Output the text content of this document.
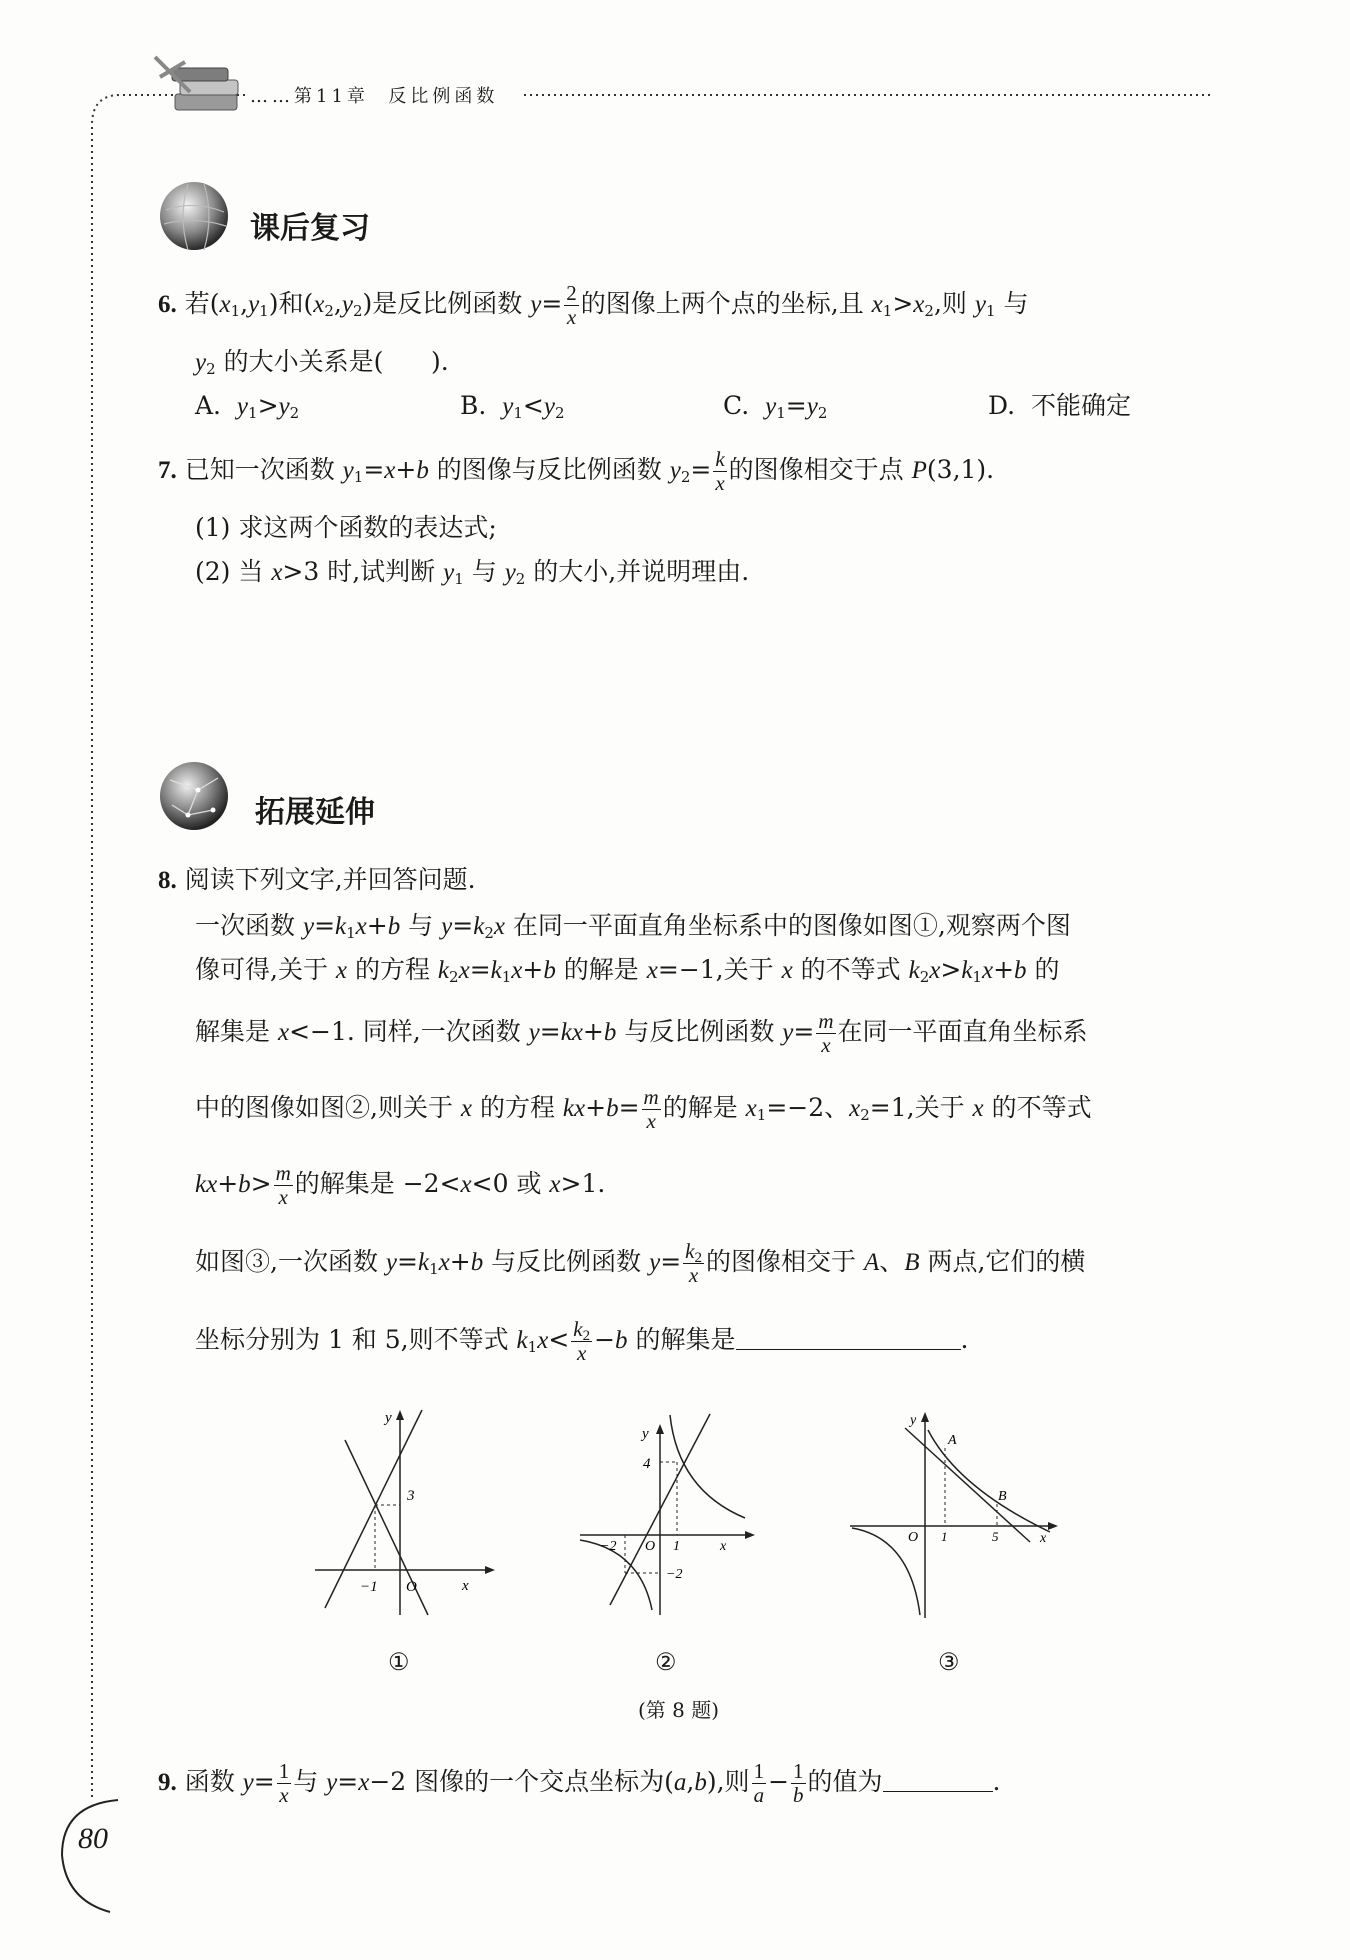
……第11章 反比例函数
课后复习
6. 若$(x_1,y_1)$和$(x_2,y_2)$是反比例函数 $y= \frac{2}{x}$ 的图像上两个点的坐标,且 $x_1>x_2$,则 $y_1$ 与
$y_2$ 的大小关系是(      ).
A. $y_1>y_2$	B. $y_1<y_2$	C. $y_1=y_2$	D. 不能确定
7. 已知一次函数 $y_1=x+b$ 的图像与反比例函数 $y_2= \frac{k}{x}$ 的图像相交于点 P(3,1).
(1) 求这两个函数的表达式;
(2) 当 x>3 时,试判断 $y_1$ 与 $y_2$ 的大小,并说明理由.
拓展延伸
8. 阅读下列文字,并回答问题.
一次函数 $y=k_1x+b$ 与 $y=k_2x$ 在同一平面直角坐标系中的图像如图①,观察两个图
像可得,关于 x 的方程 $k_2x=k_1x+b$ 的解是 x=−1,关于 x 的不等式 $k_2x>k_1x+b$ 的
解集是 x<−1. 同样,一次函数 y=kx+b 与反比例函数 $y= \frac{m}{x}$ 在同一平面直角坐标系
中的图像如图②,则关于 x 的方程 $kx+b= \frac{m}{x}$ 的解是 $x_1=-2$、$x_2=1$,关于 x 的不等式
$kx+b> \frac{m}{x}$ 的解集是 −2<x<0 或 x>1.
如图③,一次函数 $y=k_1x+b$ 与反比例函数 $y= \frac{k_2}{x}$ 的图像相交于 A、B 两点,它们的横
坐标分别为 1 和 5,则不等式 $k_1x< \frac{k_2}{x} -b$ 的解集是	.
3
−1 O	x
y
4
−2	1
−2
O	x
y	A
B
1	5
O	x
y
①	②	③
(第 8 题)
9. 函数 $y= \frac{1}{x}$ 与 y=x−2 图像的一个交点坐标为(a,b),则 $\frac{1}{a} - \frac{1}{b}$ 的值为	.
80
